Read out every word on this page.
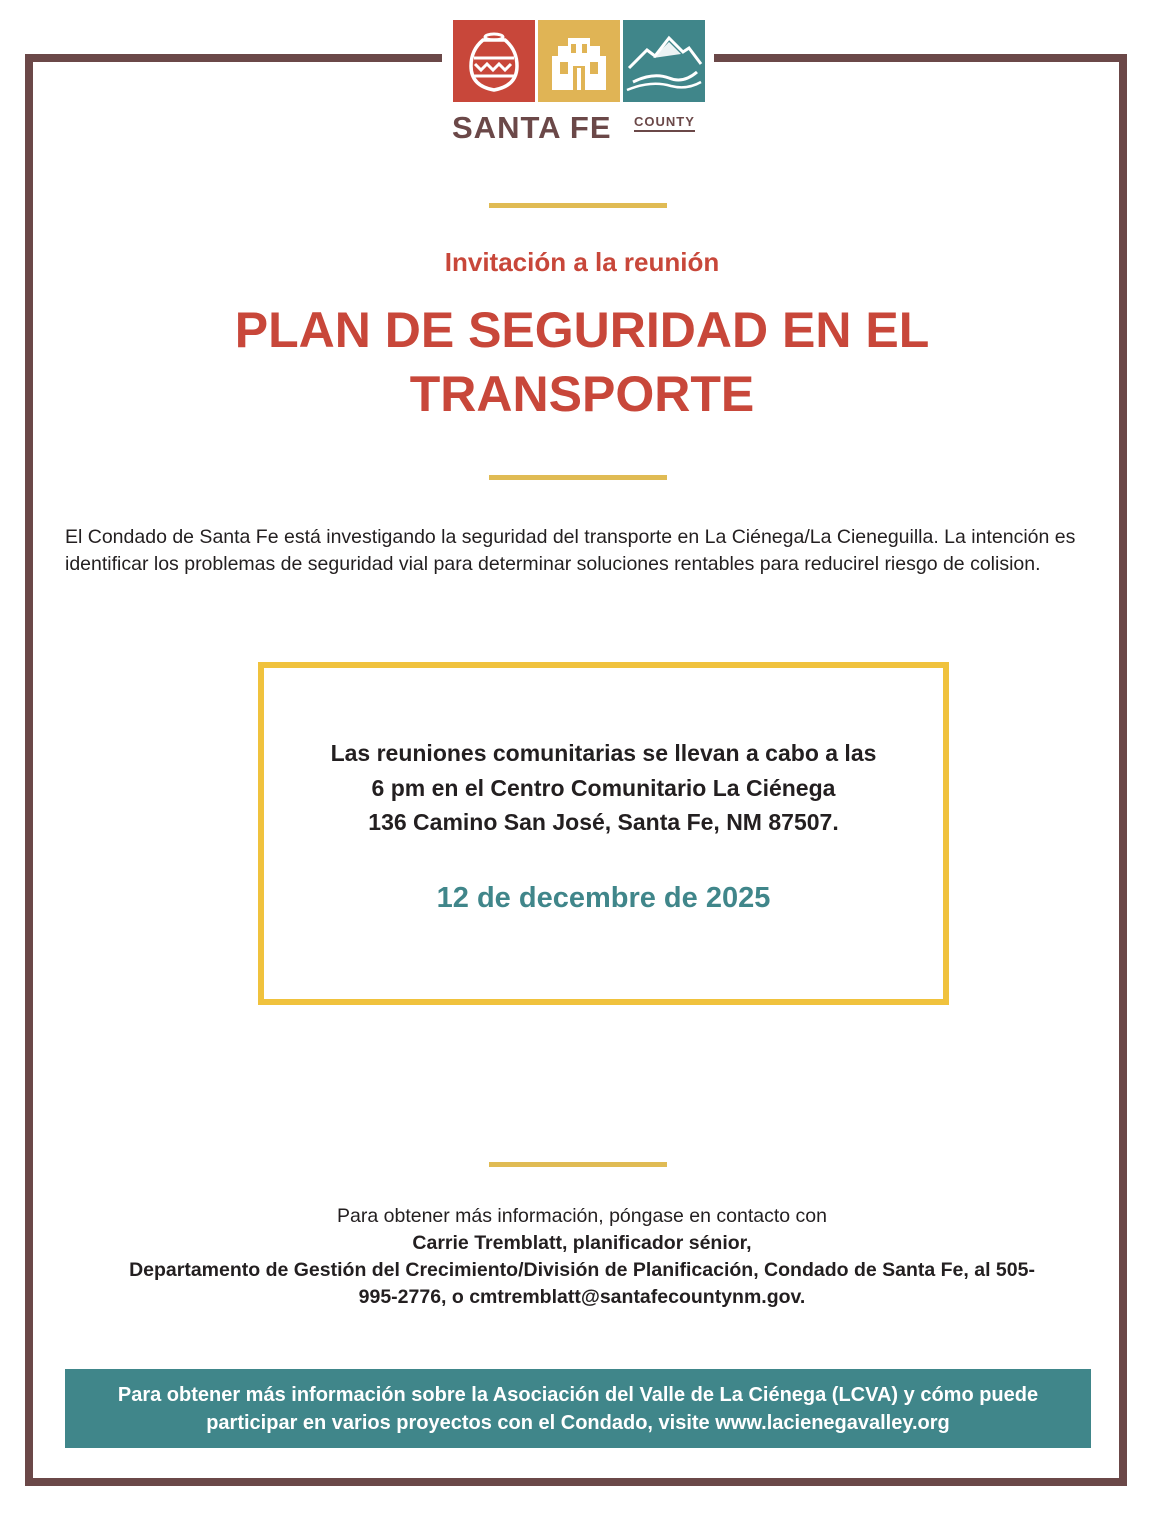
SANTA FE COUNTY
Invitación a la reunión
PLAN DE SEGURIDAD EN EL TRANSPORTE
El Condado de Santa Fe está investigando la seguridad del transporte en La Ciénega/La Cieneguilla. La intención es identificar los problemas de seguridad vial para determinar soluciones rentables para reducirel riesgo de colision.
Las reuniones comunitarias se llevan a cabo a las
6 pm en el Centro Comunitario La Ciénega
136 Camino San José, Santa Fe, NM 87507.
12 de decembre de 2025
Para obtener más información, póngase en contacto con
Carrie Tremblatt, planificador sénior,
Departamento de Gestión del Crecimiento/División de Planificación, Condado de Santa Fe, al 505-995-2776, o cmtremblatt@santafecountynm.gov.
Para obtener más información sobre la Asociación del Valle de La Ciénega (LCVA) y cómo puede participar en varios proyectos con el Condado, visite www.lacienegavalley.org
